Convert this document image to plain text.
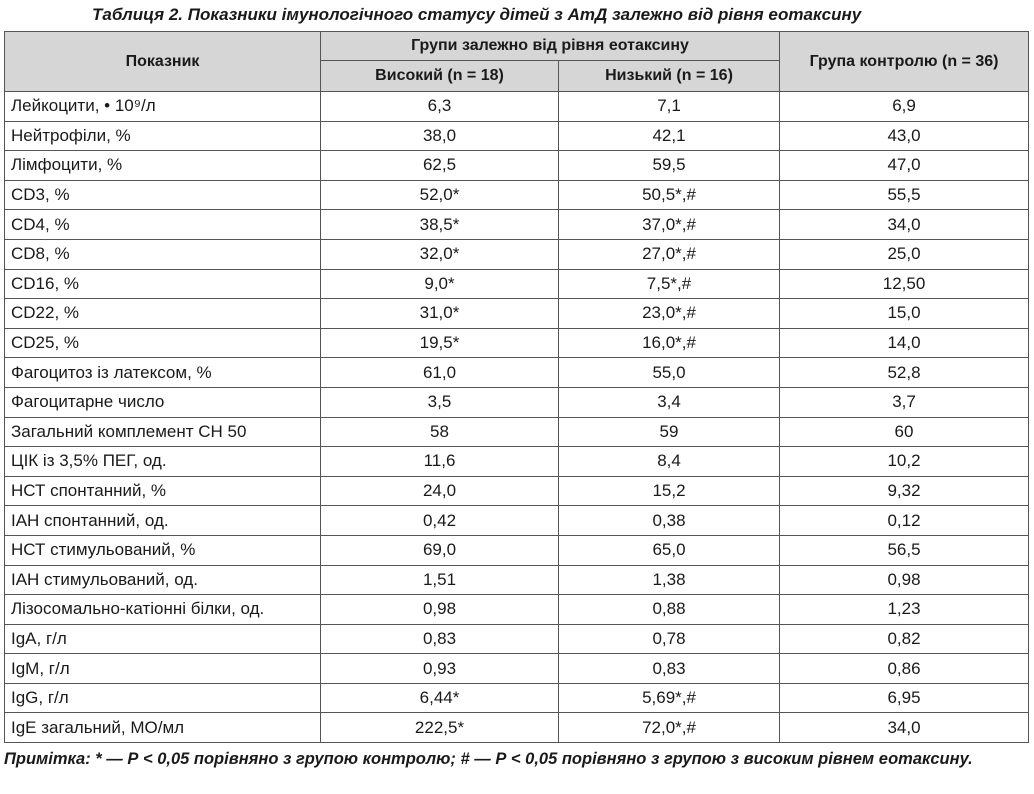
Таблиця 2. Показники імунологічного статусу дітей з АтД залежно від рівня еотаксину
Показник	Групи залежно від рівня еотаксину		Група контролю (n = 36)
	Високий (n = 18)	Низький (n = 16)	
Лейкоцити, • 10⁹/л	6,3	7,1	6,9
Нейтрофіли, %	38,0	42,1	43,0
Лімфоцити, %	62,5	59,5	47,0
CD3, %	52,0*	50,5*,#	55,5
CD4, %	38,5*	37,0*,#	34,0
CD8, %	32,0*	27,0*,#	25,0
CD16, %	9,0*	7,5*,#	12,50
CD22, %	31,0*	23,0*,#	15,0
CD25, %	19,5*	16,0*,#	14,0
Фагоцитоз із латексом, %	61,0	55,0	52,8
Фагоцитарне число	3,5	3,4	3,7
Загальний комплемент СН 50	58	59	60
ЦІК із 3,5% ПЕГ, од.	11,6	8,4	10,2
НСТ спонтанний, %	24,0	15,2	9,32
ІАН спонтанний, од.	0,42	0,38	0,12
НСТ стимульований, %	69,0	65,0	56,5
ІАН стимульований, од.	1,51	1,38	0,98
Лізосомально-катіонні білки, од.	0,98	0,88	1,23
IgA, г/л	0,83	0,78	0,82
IgM, г/л	0,93	0,83	0,86
IgG, г/л	6,44*	5,69*,#	6,95
IgE загальний, МО/мл	222,5*	72,0*,#	34,0
Примітка: * — Р < 0,05 порівняно з групою контролю; # — Р < 0,05 порівняно з групою з високим рівнем еотаксину.
